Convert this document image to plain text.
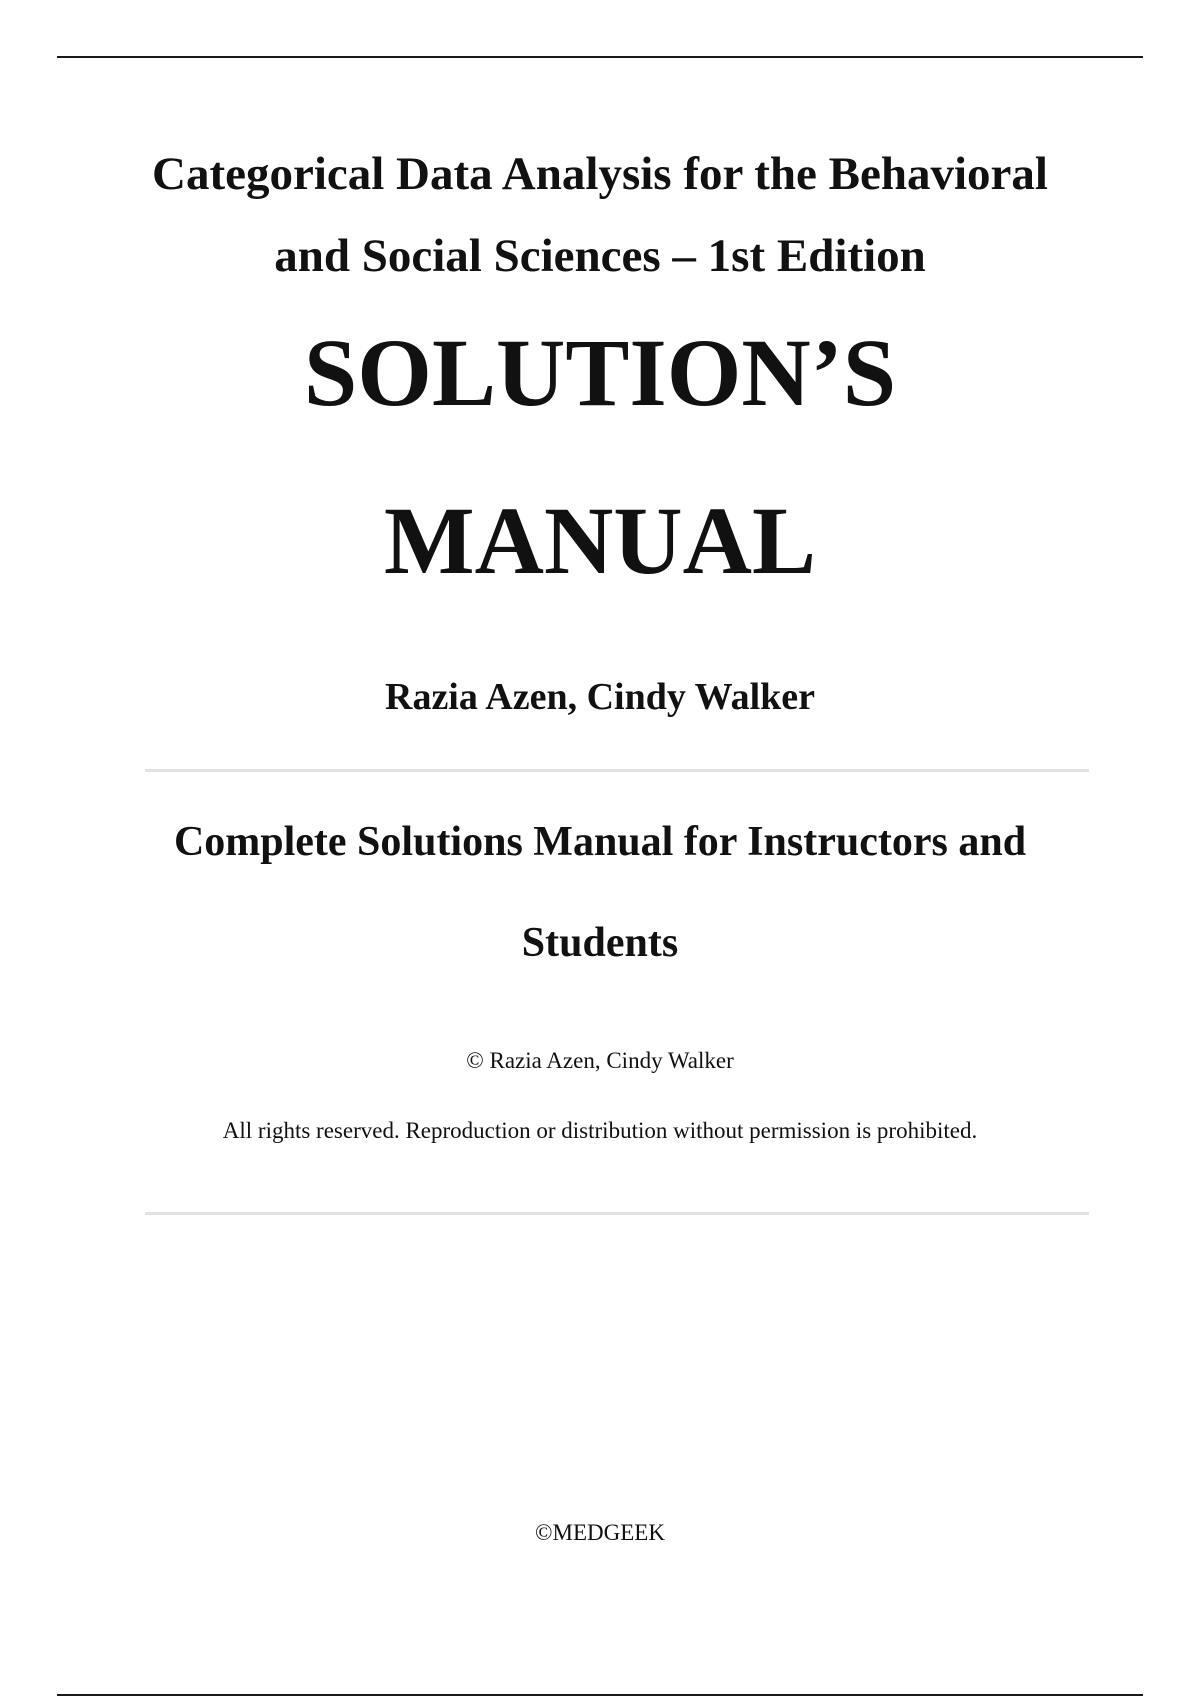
Categorical Data Analysis for the Behavioral
and Social Sciences – 1st Edition
SOLUTION’S
MANUAL
Razia Azen, Cindy Walker
Complete Solutions Manual for Instructors and
Students
© Razia Azen, Cindy Walker
All rights reserved. Reproduction or distribution without permission is prohibited.
©MEDGEEK
